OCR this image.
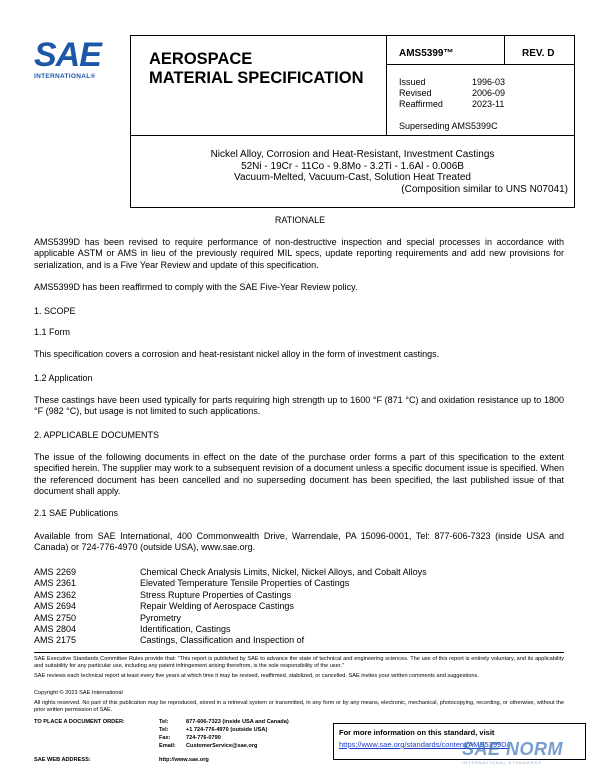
SAE
INTERNATIONAL®
AEROSPACE
MATERIAL SPECIFICATION
AMS5399™	REV. D
Issued	1996-03
Revised	2006-09
Reaffirmed	2023-11
Superseding AMS5399C
Nickel Alloy, Corrosion and Heat-Resistant, Investment Castings
52Ni - 19Cr - 11Co - 9.8Mo - 3.2Ti - 1.6Al - 0.006B
Vacuum-Melted, Vacuum-Cast, Solution Heat Treated
(Composition similar to UNS N07041)
RATIONALE
AMS5399D has been revised to require performance of non-destructive inspection and special processes in accordance with applicable ASTM or AMS in lieu of the previously required MIL specs, update reporting requirements and add new provisions for serialization, and is a Five Year Review and update of this specification.
AMS5399D has been reaffirmed to comply with the SAE Five-Year Review policy.
1. SCOPE
1.1 Form
This specification covers a corrosion and heat-resistant nickel alloy in the form of investment castings.
1.2 Application
These castings have been used typically for parts requiring high strength up to 1600 °F (871 °C) and oxidation resistance up to 1800 °F (982 °C), but usage is not limited to such applications.
2. APPLICABLE DOCUMENTS
The issue of the following documents in effect on the date of the purchase order forms a part of this specification to the extent specified herein. The supplier may work to a subsequent revision of a document unless a specific document issue is specified. When the referenced document has been cancelled and no superseding document has been specified, the last published issue of that document shall apply.
2.1 SAE Publications
Available from SAE International, 400 Commonwealth Drive, Warrendale, PA 15096-0001, Tel: 877-606-7323 (inside USA and Canada) or 724-776-4970 (outside USA), www.sae.org.
AMS 2269	Chemical Check Analysis Limits, Nickel, Nickel Alloys, and Cobalt Alloys
AMS 2361	Elevated Temperature Tensile Properties of Castings
AMS 2362	Stress Rupture Properties of Castings
AMS 2694	Repair Welding of Aerospace Castings
AMS 2750	Pyrometry
AMS 2804	Identification, Castings
AMS 2175	Castings, Classification and Inspection of
SAE Executive Standards Committee Rules provide that: “This report is published by SAE to advance the state of technical and engineering sciences. The use of this report is entirely voluntary, and its applicability and suitability for any particular use, including any patent infringement arising therefrom, is the sole responsibility of the user.”
SAE reviews each technical report at least every five years at which time it may be revised, reaffirmed, stabilized, or cancelled. SAE invites your written comments and suggestions.
Copyright © 2023 SAE International
All rights reserved. No part of this publication may be reproduced, stored in a retrieval system or transmitted, in any form or by any means, electronic, mechanical, photocopying, recording, or otherwise, without the prior written permission of SAE.
TO PLACE A DOCUMENT ORDER:	Tel:	877-606-7323 (inside USA and Canada)
Tel:	+1 724-776-4970 (outside USA)
Fax:	724-776-0790
Email: CustomerService@sae.org
SAE WEB ADDRESS:	http://www.sae.org
For more information on this standard, visit
https://www.sae.org/standards/content/AMS5399D/
SAE NORM
INTERNATIONAL STANDARDS
